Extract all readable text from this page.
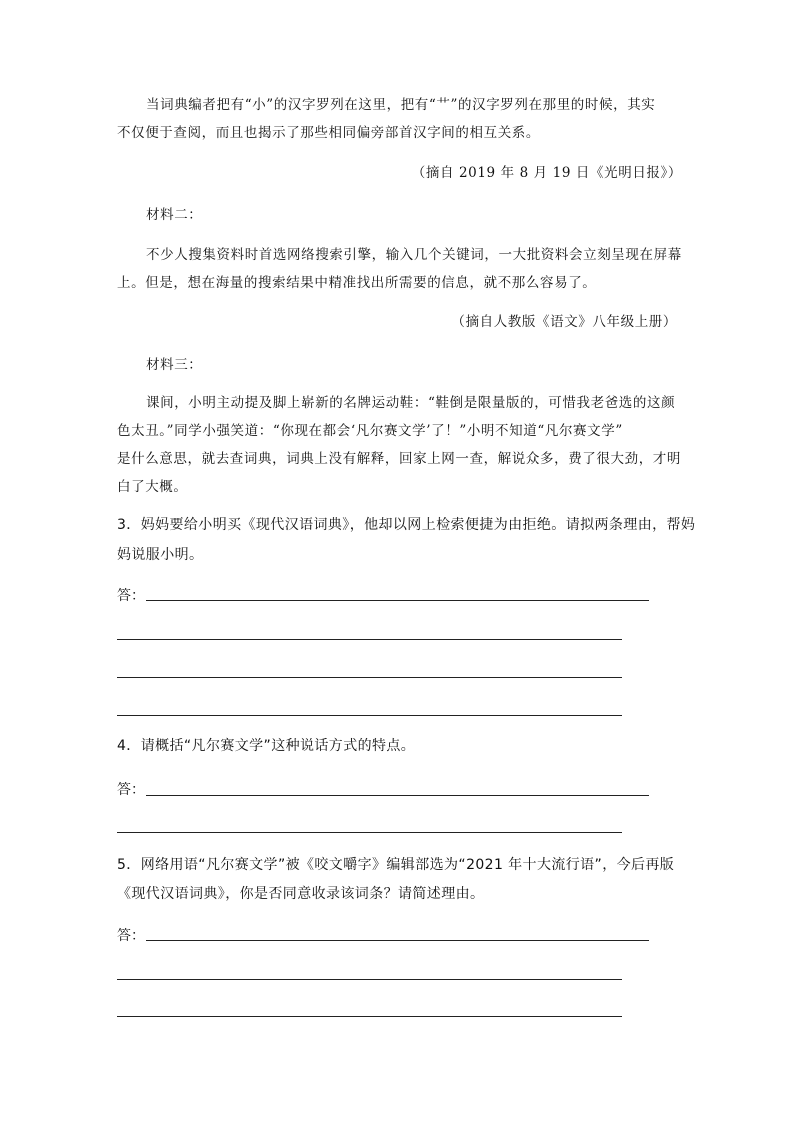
当词典编者把有“小”的汉字罗列在这里，把有“艹”的汉字罗列在那里的时候，其实
不仅便于查阅，而且也揭示了那些相同偏旁部首汉字间的相互关系。
（摘自 2019 年 8 月 19 日《光明日报》）
材料二：
不少人搜集资料时首选网络搜索引擎，输入几个关键词，一大批资料会立刻呈现在屏幕
上。但是，想在海量的搜索结果中精准找出所需要的信息，就不那么容易了。
（摘自人教版《语文》八年级上册）
材料三：
课间，小明主动提及脚上崭新的名牌运动鞋：“鞋倒是限量版的，可惜我老爸选的这颜
色太丑。”同学小强笑道：“你现在都会‘凡尔赛文学’了！”小明不知道“凡尔赛文学”
是什么意思，就去查词典，词典上没有解释，回家上网一查，解说众多，费了很大劲，才明
白了大概。
3．妈妈要给小明买《现代汉语词典》，他却以网上检索便捷为由拒绝。请拟两条理由，帮妈
妈说服小明。
答：
4．请概括“凡尔赛文学”这种说话方式的特点。
答：
5．网络用语“凡尔赛文学”被《咬文嚼字》编辑部选为“2021 年十大流行语”，今后再版
《现代汉语词典》，你是否同意收录该词条？请简述理由。
答：
